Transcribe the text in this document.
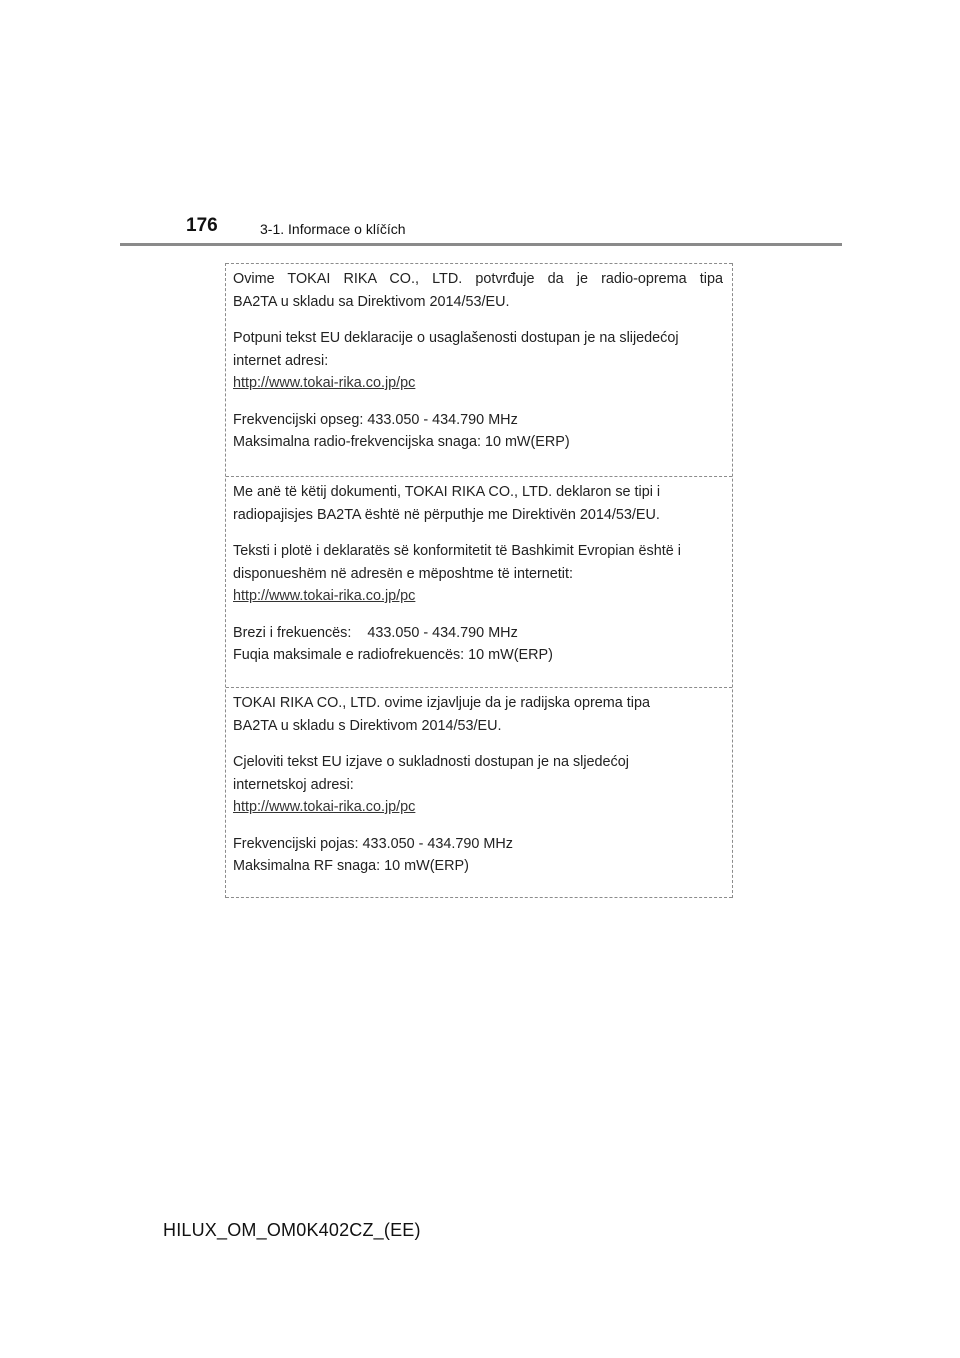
176	3-1. Informace o klíčích

Ovime TOKAI RIKA CO., LTD. potvrđuje da je radio-oprema tipa

BA2TA u skladu sa Direktivom 2014/53/EU.

Potpuni tekst EU deklaracije o usaglašenosti dostupan je na slijedećoj

internet adresi:

http://www.tokai-rika.co.jp/pc

Frekvencijski opseg: 433.050 - 434.790 MHz

Maksimalna radio-frekvencijska snaga: 10 mW(ERP)

Me anë të këtij dokumenti, TOKAI RIKA CO., LTD. deklaron se tipi i

radiopajisjes BA2TA është në përputhje me Direktivën 2014/53/EU.

Teksti i plotë i deklaratës së konformitetit të Bashkimit Evropian është i

disponueshëm në adresën e mëposhtme të internetit:

http://www.tokai-rika.co.jp/pc

Brezi i frekuencës:    433.050 - 434.790 MHz

Fuqia maksimale e radiofrekuencës: 10 mW(ERP)

TOKAI RIKA CO., LTD. ovime izjavljuje da je radijska oprema tipa

BA2TA u skladu s Direktivom 2014/53/EU.

Cjeloviti tekst EU izjave o sukladnosti dostupan je na sljedećoj

internetskoj adresi:

http://www.tokai-rika.co.jp/pc

Frekvencijski pojas: 433.050 - 434.790 MHz

Maksimalna RF snaga: 10 mW(ERP)

HILUX_OM_OM0K402CZ_(EE)
